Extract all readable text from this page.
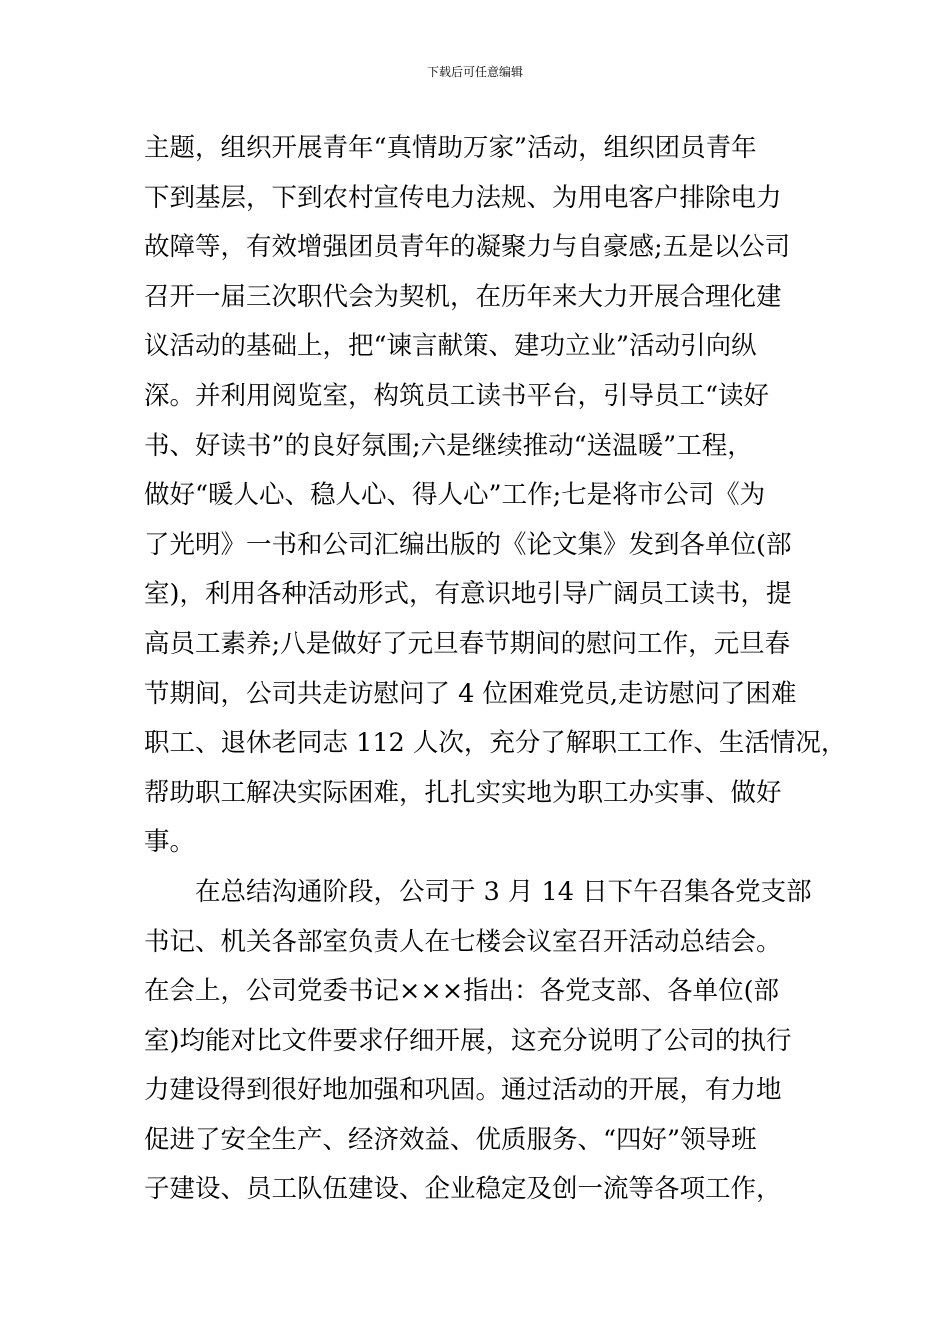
下载后可任意编辑
主题，组织开展青年“真情助万家”活动，组织团员青年
下到基层，下到农村宣传电力法规、为用电客户排除电力
故障等，有效增强团员青年的凝聚力与自豪感;五是以公司
召开一届三次职代会为契机，在历年来大力开展合理化建
议活动的基础上，把“谏言献策、建功立业”活动引向纵
深。并利用阅览室，构筑员工读书平台，引导员工“读好
书、好读书”的良好氛围;六是继续推动“送温暖”工程，
做好“暖人心、稳人心、得人心”工作;七是将市公司《为
了光明》一书和公司汇编出版的《论文集》发到各单位(部
室)，利用各种活动形式，有意识地引导广阔员工读书，提
高员工素养;八是做好了元旦春节期间的慰问工作，元旦春
节期间，公司共走访慰问了 4 位困难党员,走访慰问了困难
职工、退休老同志 112 人次，充分了解职工工作、生活情况，
帮助职工解决实际困难，扎扎实实地为职工办实事、做好
事。
　　在总结沟通阶段，公司于 3 月 14 日下午召集各党支部
书记、机关各部室负责人在七楼会议室召开活动总结会。
在会上，公司党委书记×××指出：各党支部、各单位(部
室)均能对比文件要求仔细开展，这充分说明了公司的执行
力建设得到很好地加强和巩固。通过活动的开展，有力地
促进了安全生产、经济效益、优质服务、“四好”领导班
子建设、员工队伍建设、企业稳定及创一流等各项工作，
